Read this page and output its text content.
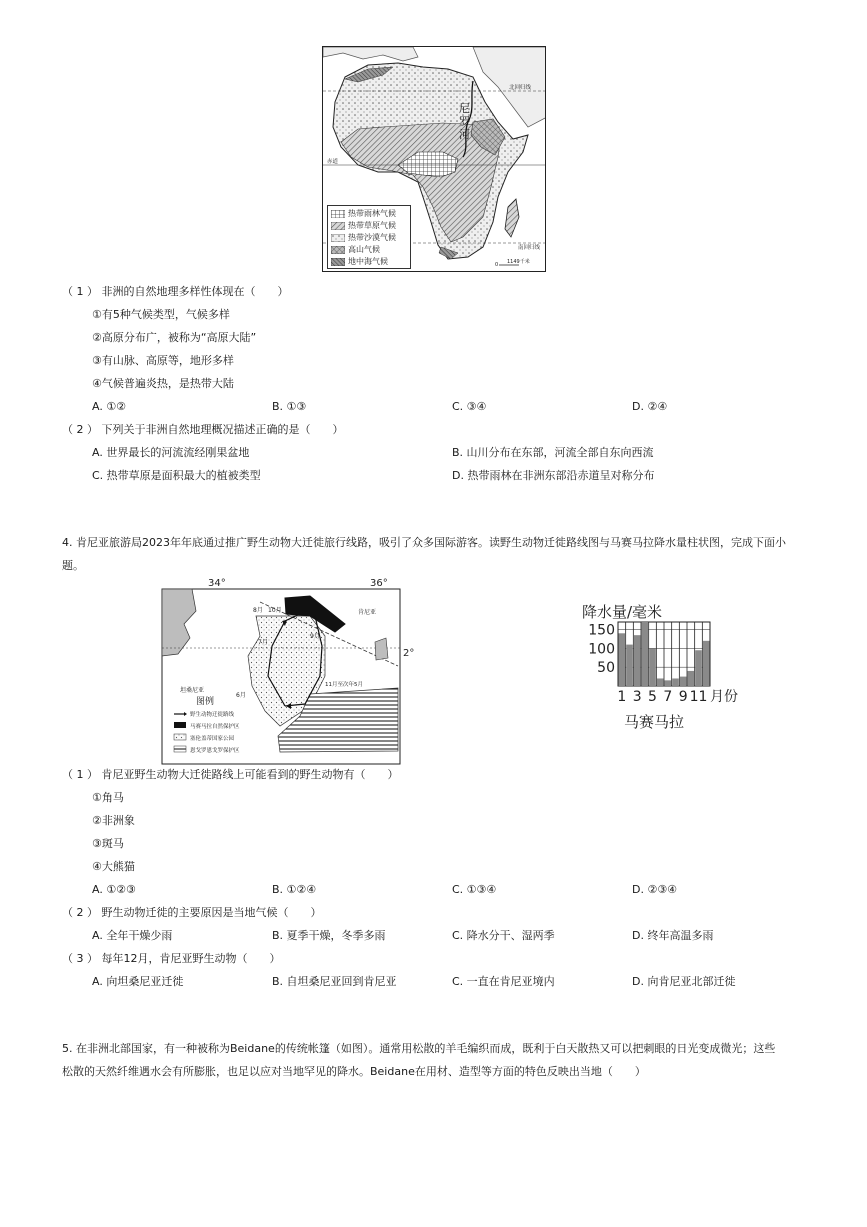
尼
罗
河
北回归线
赤道
南回归线
0 1149千米
热带雨林气候
热带草原气候
热带沙漠气候
高山气候
地中海气候
（ 1 ） 非洲的自然地理多样性体现在（　　）
①有5种气候类型，气候多样
②高原分布广，被称为“高原大陆”
③有山脉、高原等，地形多样
④气候普遍炎热，是热带大陆
A. ①②	B. ①③	C. ③④	D. ②④
（ 2 ） 下列关于非洲自然地理概况描述正确的是（　　）
A. 世界最长的河流流经刚果盆地	B. 山川分布在东部，河流全部自东向西流
C. 热带草原是面积最大的植被类型	D. 热带雨林在非洲东部沿赤道呈对称分布
4. 肯尼亚旅游局2023年年底通过推广野生动物大迁徙旅行线路，吸引了众多国际游客。读野生动物迁徙路线图与马赛马拉降水量柱状图，完成下面小
题。
34°	36°
2°
8月 10月
9月
7月
11月至次年5月
6月
肯尼亚
坦桑尼亚
图例
野生动物迁徙路线
马赛马拉自然保护区
塞伦盖蒂国家公园
恩戈罗恩戈罗保护区
降水量/毫米
50
100
150
1 3 5 7 9 11 月份
马赛马拉
（ 1 ） 肯尼亚野生动物大迁徙路线上可能看到的野生动物有（　　）
①角马
②非洲象
③斑马
④大熊猫
A. ①②③	B. ①②④	C. ①③④	D. ②③④
（ 2 ） 野生动物迁徙的主要原因是当地气候（　　）
A. 全年干燥少雨	B. 夏季干燥，冬季多雨	C. 降水分干、湿两季	D. 终年高温多雨
（ 3 ） 每年12月，肯尼亚野生动物（　　）
A. 向坦桑尼亚迁徙	B. 自坦桑尼亚回到肯尼亚	C. 一直在肯尼亚境内	D. 向肯尼亚北部迁徙
5. 在非洲北部国家，有一种被称为Beidane的传统帐篷（如图）。通常用松散的羊毛编织而成，既利于白天散热又可以把刺眼的日光变成微光；这些
松散的天然纤维遇水会有所膨胀，也足以应对当地罕见的降水。Beidane在用材、造型等方面的特色反映出当地（　　）
